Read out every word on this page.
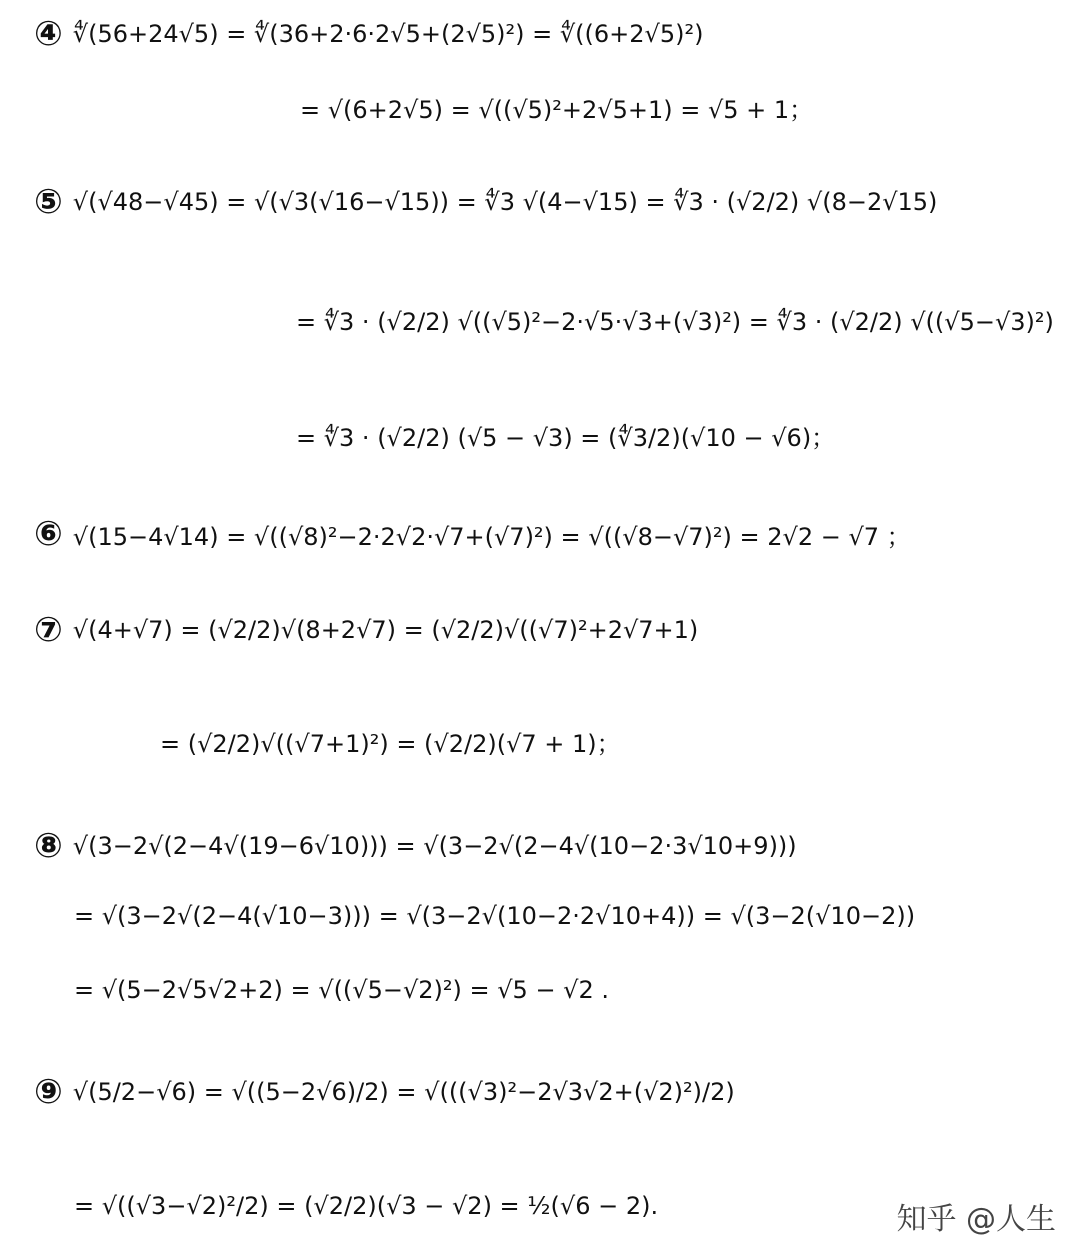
④ ∜(56+24√5) = ∜(36+2·6·2√5+(2√5)²) = ∜((6+2√5)²)
= √(6+2√5) = √((√5)²+2√5+1) = √5 + 1；
⑤ √(√48−√45) = √(√3(√16−√15)) = ∜3 √(4−√15) = ∜3 · (√2/2) √(8−2√15)
= ∜3 · (√2/2) √((√5)²−2·√5·√3+(√3)²) = ∜3 · (√2/2) √((√5−√3)²)
= ∜3 · (√2/2) (√5 − √3) = (∜3/2)(√10 − √6)；
⑥ √(15−4√14) = √((√8)²−2·2√2·√7+(√7)²) = √((√8−√7)²) = 2√2 − √7 ；
⑦ √(4+√7) = (√2/2)√(8+2√7) = (√2/2)√((√7)²+2√7+1)
= (√2/2)√((√7+1)²) = (√2/2)(√7 + 1)；
⑧ √(3−2√(2−4√(19−6√10))) = √(3−2√(2−4√(10−2·3√10+9)))
= √(3−2√(2−4(√10−3))) = √(3−2√(10−2·2√10+4)) = √(3−2(√10−2))
= √(5−2√5√2+2) = √((√5−√2)²) = √5 − √2 .
⑨ √(5/2−√6) = √((5−2√6)/2) = √(((√3)²−2√3√2+(√2)²)/2)
= √((√3−√2)²/2) = (√2/2)(√3 − √2) = ½(√6 − 2).	知乎 @人生
